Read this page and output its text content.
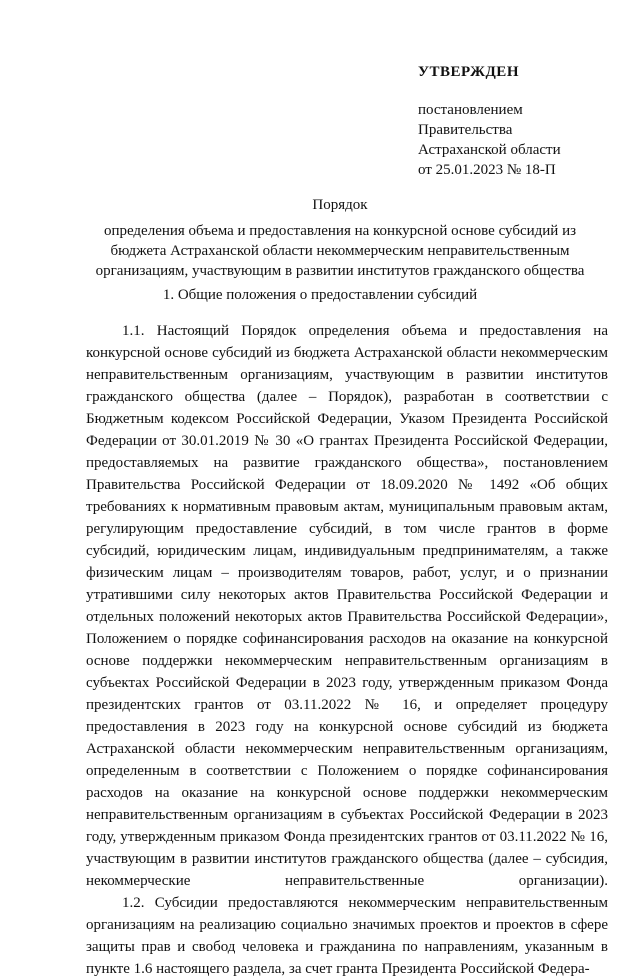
УТВЕРЖДЕН
постановлением
Правительства
Астраханской области
от 25.01.2023 № 18-П
Порядок
определения объема и предоставления на конкурсной основе субсидий из
бюджета Астраханской области некоммерческим неправительственным
организациям, участвующим в развитии институтов гражданского общества
1. Общие положения о предоставлении субсидий

1.1. Настоящий Порядок определения объема и предоставления на конкурсной основе субсидий из бюджета Астраханской области некоммерческим неправительственным организациям, участвующим в развитии институтов гражданского общества (далее – Порядок), разработан в соответствии с Бюджетным кодексом Российской Федерации, Указом Президента Российской Федерации от 30.01.2019 № 30 «О грантах Президента Российской Федерации, предоставляемых на развитие гражданского общества», постановлением Правительства Российской Федерации от 18.09.2020 № 1492 «Об общих требованиях к нормативным правовым актам, муниципальным правовым актам, регулирующим предоставление субсидий, в том числе грантов в форме субсидий, юридическим лицам, индивидуальным предпринимателям, а также физическим лицам – производителям товаров, работ, услуг, и о признании утратившими силу некоторых актов Правительства Российской Федерации и отдельных положений некоторых актов Правительства Российской Федерации», Положением о порядке софинансирования расходов на оказание на конкурсной основе поддержки некоммерческим неправительственным организациям в субъектах Российской Федерации в 2023 году, утвержденным приказом Фонда президентских грантов от 03.11.2022 № 16, и определяет процедуру предоставления в 2023 году на конкурсной основе субсидий из бюджета Астраханской области некоммерческим неправительственным организациям, определенным в соответствии с Положением о порядке софинансирования расходов на оказание на конкурсной основе поддержки некоммерческим неправительственным организациям в субъектах Российской Федерации в 2023 году, утвержденным приказом Фонда президентских грантов от 03.11.2022 № 16, участвующим в развитии институтов гражданского общества (далее – субсидия, некоммерческие неправительственные организации).

1.2. Субсидии предоставляются некоммерческим неправительственным организациям на реализацию социально значимых проектов и проектов в сфере защиты прав и свобод человека и гражданина по направлениям, указанным в пункте 1.6 настоящего раздела, за счет гранта Президента Российской Федера-
